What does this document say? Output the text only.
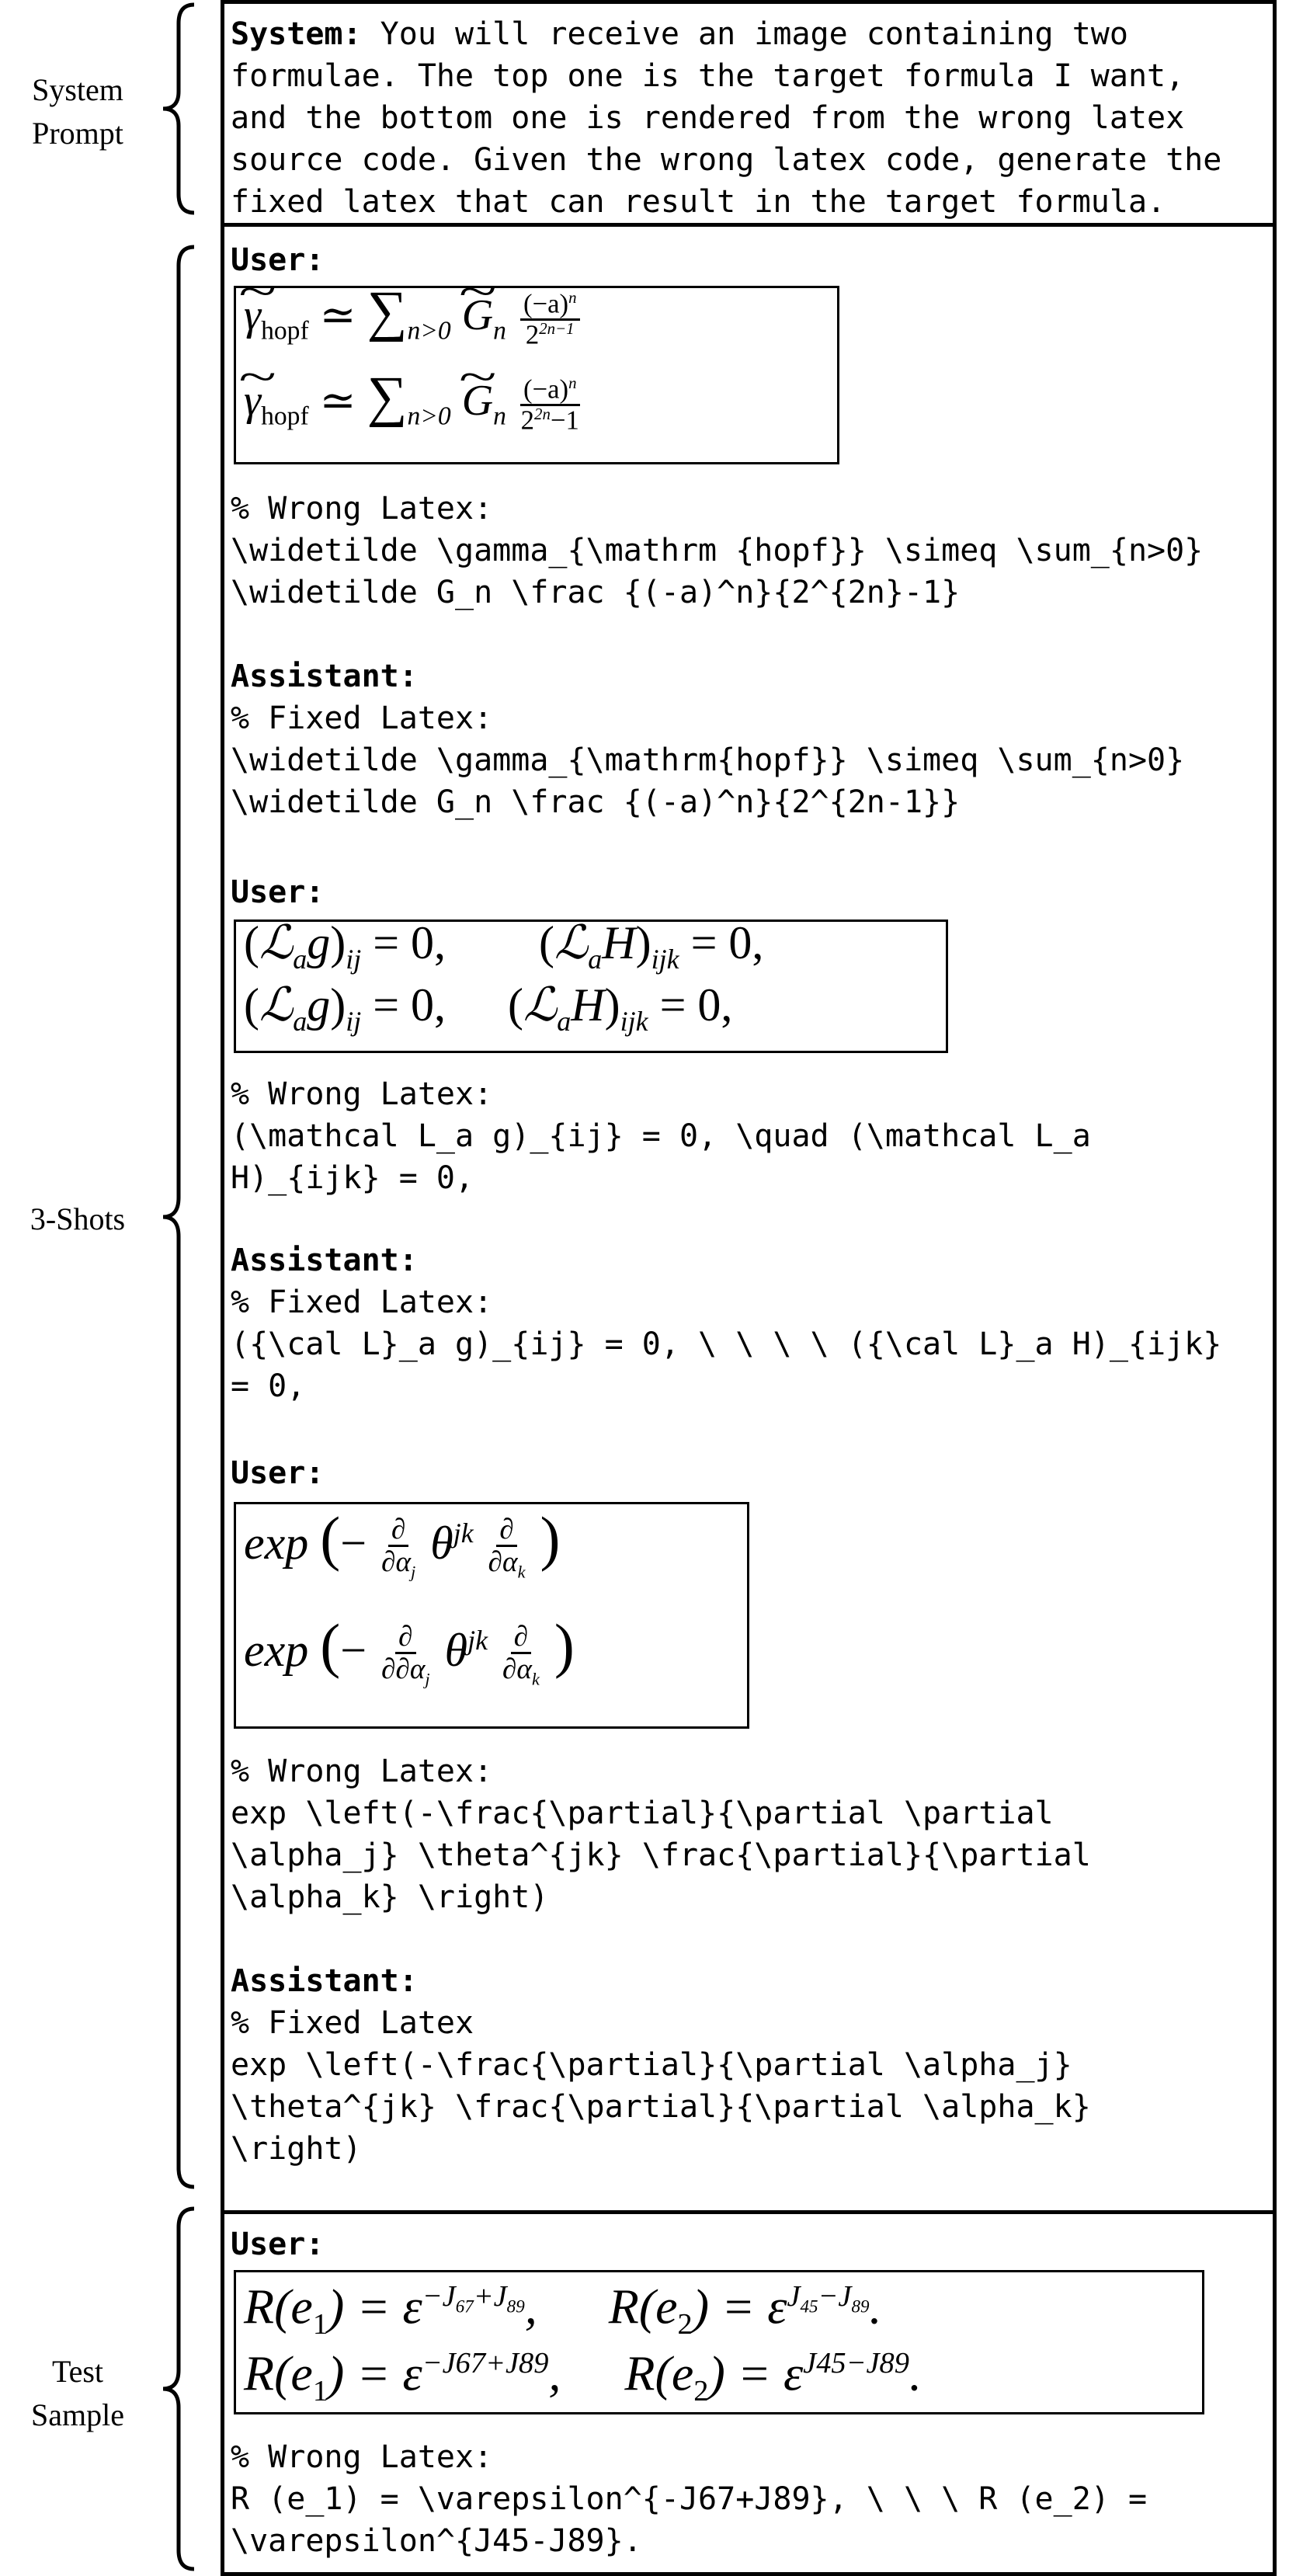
System
Prompt
3-Shots
Test
Sample

System: You will receive an image containing two

formulae. The top one is the target formula I want,

and the bottom one is rendered from the wrong latex

source code. Given the wrong latex code, generate the

fixed latex that can result in the target formula.

User:

~ $\gamma_{hopf}$ ≃ $\sum_{n>0}$ ~ $G_n \frac{(-a)^n}{2^{2n-1}}$
~ $\gamma_{hopf}$ ≃ $\sum_{n>0}$ ~ $G_n \frac{(-a)^n}{2^{2n}-1}$

% Wrong Latex:

\widetilde \gamma_{\mathrm {hopf}} \simeq \sum_{n>0}

\widetilde G_n \frac {(-a)^n}{2^{2n}-1}

Assistant:

% Fixed Latex:

\widetilde \gamma_{\mathrm{hopf}} \simeq \sum_{n>0}

\widetilde G_n \frac {(-a)^n}{2^{2n-1}}

User:

$(ℒ_ag)_{ij} = 0$, $(ℒ_aH)_{ijk} = 0$,
$(ℒ_ag)_{ij} = 0$, $(ℒ_aH)_{ijk} = 0$,

% Wrong Latex:

(\mathcal L_a g)_{ij} = 0, \quad (\mathcal L_a

H)_{ijk} = 0,

Assistant:

% Fixed Latex:

({\cal L}_a g)_{ij} = 0, \ \ \ \ ({\cal L}_a H)_{ijk}

= 0,

User:

exp (− $\frac{\partial}{\partial\alpha_j} \theta^{jk} \frac{\partial}{\partial\alpha_k}$ )
exp (− $\frac{\partial}{\partial\partial\alpha_j} \theta^{jk} \frac{\partial}{\partial\alpha_k}$ )

% Wrong Latex:

exp \left(-\frac{\partial}{\partial \partial

\alpha_j} \theta^{jk} \frac{\partial}{\partial

\alpha_k} \right)

Assistant:

% Fixed Latex

exp \left(-\frac{\partial}{\partial \alpha_j}

\theta^{jk} \frac{\partial}{\partial \alpha_k}

\right)

User:

$R(e_1) = \varepsilon^{-J_{67}+J_{89}}$, $R(e_2) = \varepsilon^{J_{45}-J_{89}}$.
$R(e_1) = \varepsilon^{-J67+J89}$, $R(e_2) = \varepsilon^{J45-J89}$.

% Wrong Latex:

R (e_1) = \varepsilon^{-J67+J89}, \ \ \ R (e_2) =

\varepsilon^{J45-J89}.
